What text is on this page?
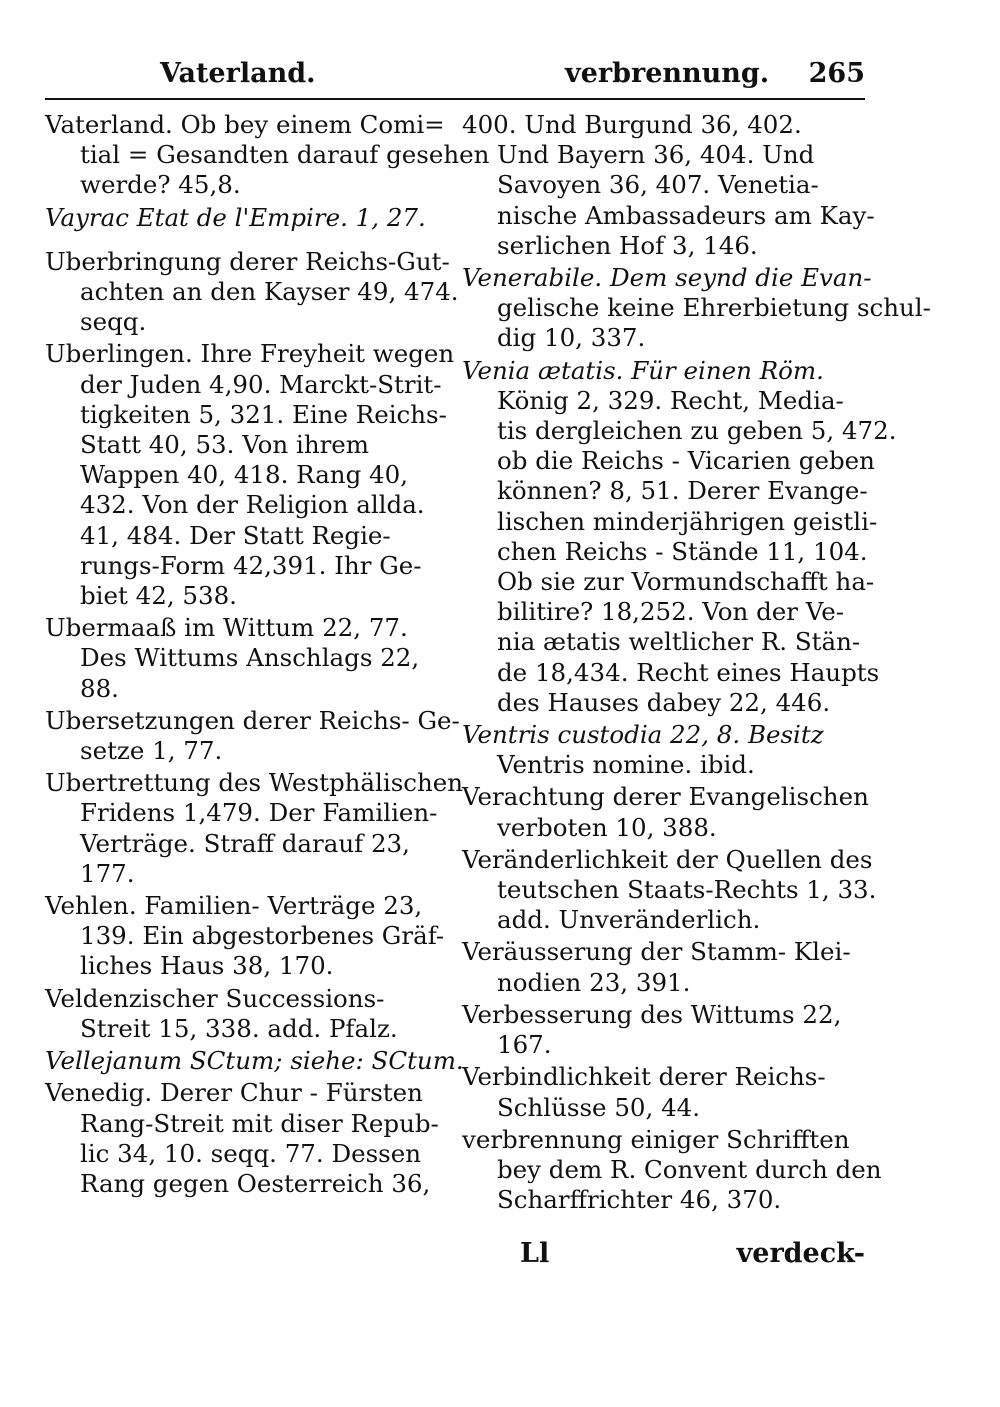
Vaterland.	verbrennung. 265
Vaterland. Ob bey einem Comi=
tial = Gesandten darauf gesehen
werde? 45,8.
Vayrac Etat de l'Empire. 1, 27.
Uberbringung derer Reichs-Gut-
achten an den Kayser 49, 474.
seqq.
Uberlingen. Ihre Freyheit wegen
der Juden 4,90. Marckt-Strit-
tigkeiten 5, 321. Eine Reichs-
Statt 40, 53. Von ihrem
Wappen 40, 418. Rang 40,
432. Von der Religion allda.
41, 484. Der Statt Regie-
rungs-Form 42,391. Ihr Ge-
biet 42, 538.
Ubermaaß im Wittum 22, 77.
Des Wittums Anschlags 22,
88.
Ubersetzungen derer Reichs- Ge-
setze 1, 77.
Ubertrettung des Westphälischen
Fridens 1,479. Der Familien-
Verträge. Straff darauf 23,
177.
Vehlen. Familien- Verträge 23,
139. Ein abgestorbenes Gräf-
liches Haus 38, 170.
Veldenzischer Successions-
Streit 15, 338. add. Pfalz.
Vellejanum SCtum; siehe: SCtum.
Venedig. Derer Chur - Fürsten
Rang-Streit mit diser Repub-
lic 34, 10. seqq. 77. Dessen
Rang gegen Oesterreich 36,
400. Und Burgund 36, 402.
Und Bayern 36, 404. Und
Savoyen 36, 407. Venetia-
nische Ambassadeurs am Kay-
serlichen Hof 3, 146.
Venerabile. Dem seynd die Evan-
gelische keine Ehrerbietung schul-
dig 10, 337.
Venia ætatis. Für einen Röm.
König 2, 329. Recht, Media-
tis dergleichen zu geben 5, 472.
ob die Reichs - Vicarien geben
können? 8, 51. Derer Evange-
lischen minderjährigen geistli-
chen Reichs - Stände 11, 104.
Ob sie zur Vormundschafft ha-
bilitire? 18,252. Von der Ve-
nia ætatis weltlicher R. Stän-
de 18,434. Recht eines Haupts
des Hauses dabey 22, 446.
Ventris custodia 22, 8. Besitz
Ventris nomine. ibid.
Verachtung derer Evangelischen
verboten 10, 388.
Veränderlichkeit der Quellen des
teutschen Staats-Rechts 1, 33.
add. Unveränderlich.
Veräusserung der Stamm- Klei-
nodien 23, 391.
Verbesserung des Wittums 22,
167.
Verbindlichkeit derer Reichs-
Schlüsse 50, 44.
verbrennung einiger Schrifften
bey dem R. Convent durch den
Scharffrichter 46, 370.
Ll	verdeck-
